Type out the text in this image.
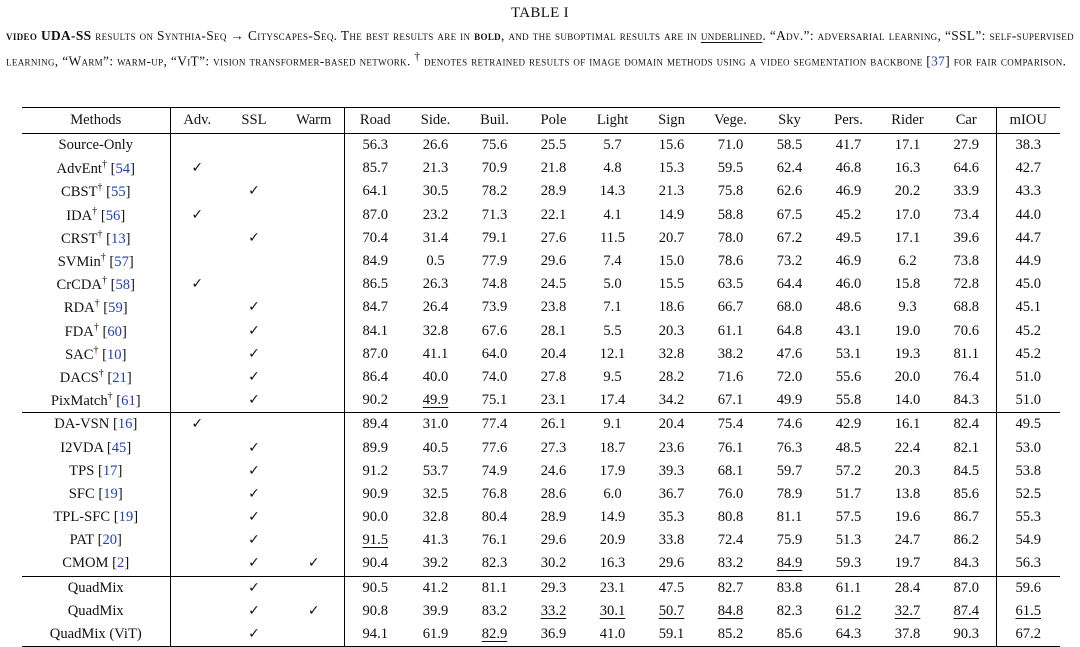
TABLE I
video UDA-SS results on Synthia-Seq → Cityscapes-Seq. The best results are in bold, and the suboptimal results are in underlined. “Adv.”: adversarial learning, “SSL”: self-supervised learning, “Warm”: warm-up, “ViT”: vision transformer-based network. † denotes retrained results of image domain methods using a video segmentation backbone [37] for fair comparison.
Methods	Adv.	SSL	Warm	Road	Side.	Buil.	Pole	Light	Sign	Vege.	Sky	Pers.	Rider	Car	mIOU
Source-Only				56.3	26.6	75.6	25.5	5.7	15.6	71.0	58.5	41.7	17.1	27.9	38.3
AdvEnt† [54]	✓			85.7	21.3	70.9	21.8	4.8	15.3	59.5	62.4	46.8	16.3	64.6	42.7
CBST† [55]		✓		64.1	30.5	78.2	28.9	14.3	21.3	75.8	62.6	46.9	20.2	33.9	43.3
IDA† [56]	✓			87.0	23.2	71.3	22.1	4.1	14.9	58.8	67.5	45.2	17.0	73.4	44.0
CRST† [13]		✓		70.4	31.4	79.1	27.6	11.5	20.7	78.0	67.2	49.5	17.1	39.6	44.7
SVMin† [57]				84.9	0.5	77.9	29.6	7.4	15.0	78.6	73.2	46.9	6.2	73.8	44.9
CrCDA† [58]	✓			86.5	26.3	74.8	24.5	5.0	15.5	63.5	64.4	46.0	15.8	72.8	45.0
RDA† [59]		✓		84.7	26.4	73.9	23.8	7.1	18.6	66.7	68.0	48.6	9.3	68.8	45.1
FDA† [60]		✓		84.1	32.8	67.6	28.1	5.5	20.3	61.1	64.8	43.1	19.0	70.6	45.2
SAC† [10]		✓		87.0	41.1	64.0	20.4	12.1	32.8	38.2	47.6	53.1	19.3	81.1	45.2
DACS† [21]		✓		86.4	40.0	74.0	27.8	9.5	28.2	71.6	72.0	55.6	20.0	76.4	51.0
PixMatch† [61]		✓		90.2	49.9	75.1	23.1	17.4	34.2	67.1	49.9	55.8	14.0	84.3	51.0
DA-VSN [16]	✓			89.4	31.0	77.4	26.1	9.1	20.4	75.4	74.6	42.9	16.1	82.4	49.5
I2VDA [45]		✓		89.9	40.5	77.6	27.3	18.7	23.6	76.1	76.3	48.5	22.4	82.1	53.0
TPS [17]		✓		91.2	53.7	74.9	24.6	17.9	39.3	68.1	59.7	57.2	20.3	84.5	53.8
SFC [19]		✓		90.9	32.5	76.8	28.6	6.0	36.7	76.0	78.9	51.7	13.8	85.6	52.5
TPL-SFC [19]		✓		90.0	32.8	80.4	28.9	14.9	35.3	80.8	81.1	57.5	19.6	86.7	55.3
PAT [20]		✓		91.5	41.3	76.1	29.6	20.9	33.8	72.4	75.9	51.3	24.7	86.2	54.9
CMOM [2]		✓	✓	90.4	39.2	82.3	30.2	16.3	29.6	83.2	84.9	59.3	19.7	84.3	56.3
QuadMix		✓		90.5	41.2	81.1	29.3	23.1	47.5	82.7	83.8	61.1	28.4	87.0	59.6
QuadMix		✓	✓	90.8	39.9	83.2	33.2	30.1	50.7	84.8	82.3	61.2	32.7	87.4	61.5
QuadMix (ViT)		✓		94.1	61.9	82.9	36.9	41.0	59.1	85.2	85.6	64.3	37.8	90.3	67.2
